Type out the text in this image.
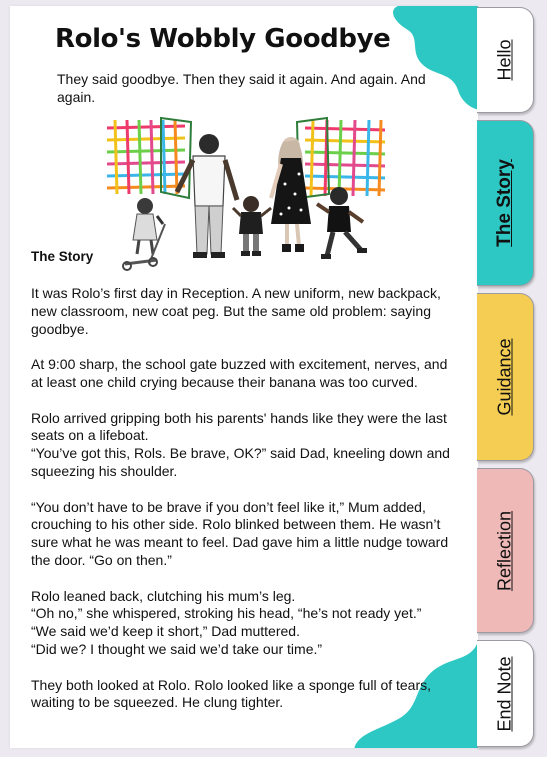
Rolo's Wobbly Goodbye

They said goodbye. Then they said it again. And again. And again.

The Story

It was Rolo’s first day in Reception. A new uniform, new backpack, new classroom, new coat peg. But the same old problem: saying goodbye.

At 9:00 sharp, the school gate buzzed with excitement, nerves, and at least one child crying because their banana was too curved.

Rolo arrived gripping both his parents' hands like they were the last seats on a lifeboat.

“You’ve got this, Rols. Be brave, OK?” said Dad, kneeling down and squeezing his shoulder.

“You don’t have to be brave if you don’t feel like it,” Mum added, crouching to his other side. Rolo blinked between them. He wasn’t sure what he was meant to feel. Dad gave him a little nudge toward the door. “Go on then.”

Rolo leaned back, clutching his mum’s leg.

“Oh no,” she whispered, stroking his head, “he’s not ready yet.”

“We said we’d keep it short,” Dad muttered.

“Did we? I thought we said we’d take our time.”

They both looked at Rolo. Rolo looked like a sponge full of tears, waiting to be squeezed. He clung tighter.

Hello
The Story
Guidance
Reflection
End Note
